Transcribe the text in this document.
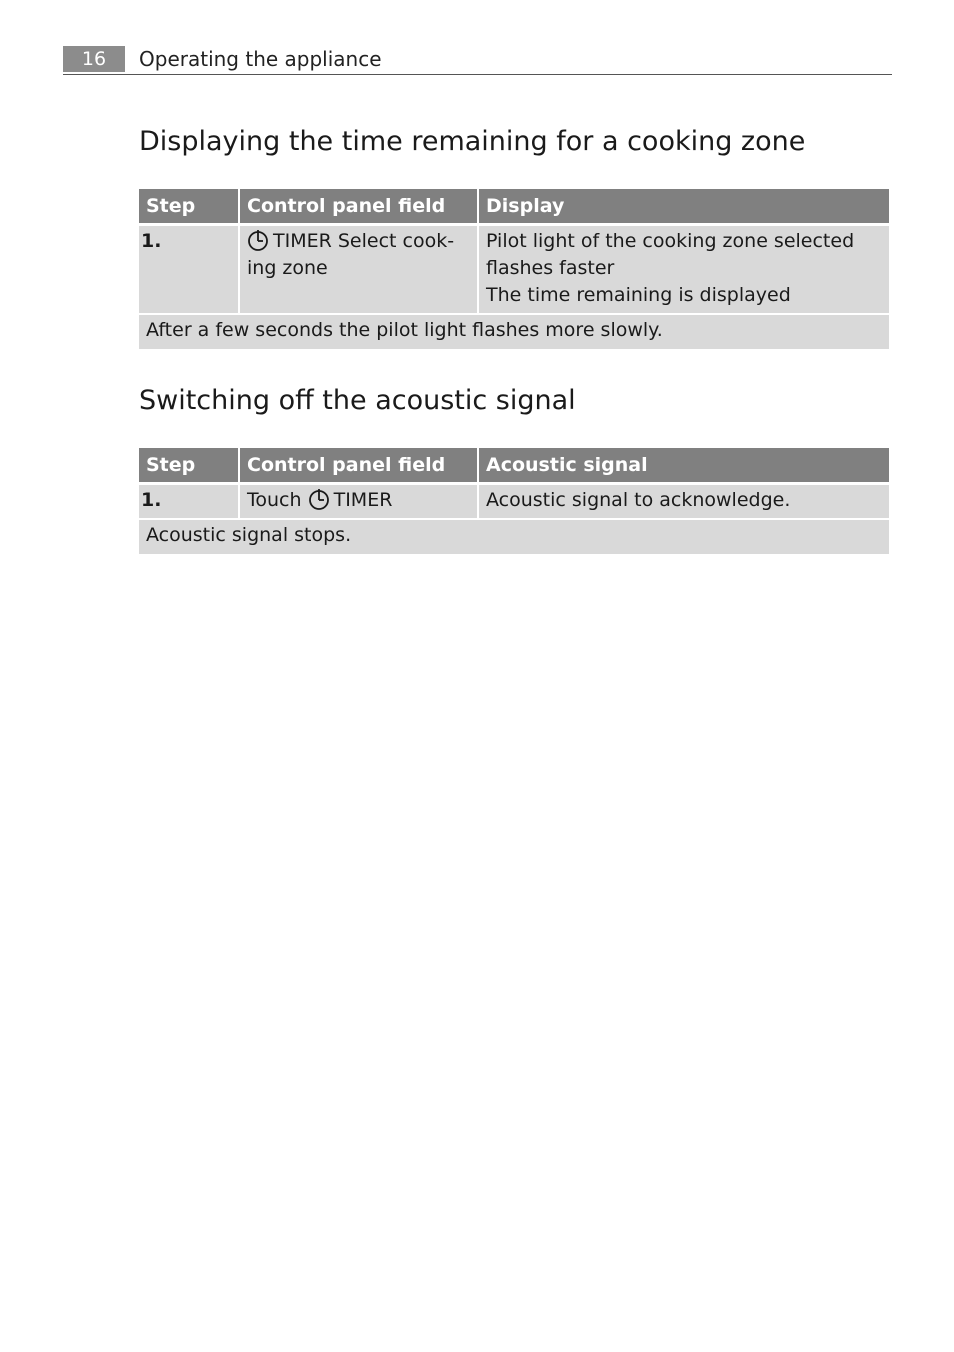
16	Operating the appliance
Displaying the time remaining for a cooking zone
Step	Control panel field	Display
1.	TIMER Select cook-ing zone	Pilot light of the cooking zone selected flashes faster
The time remaining is displayed

After a few seconds the pilot light flashes more slowly.		
Switching off the acoustic signal
Step	Control panel field	Acoustic signal
1.	Touch TIMER	Acoustic signal to acknowledge.
Acoustic signal stops.		
